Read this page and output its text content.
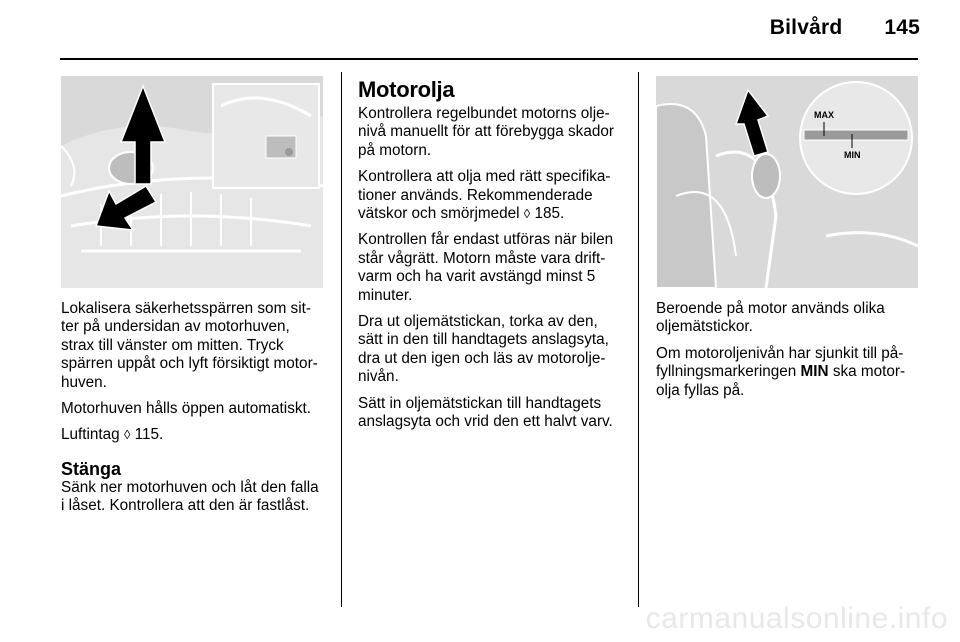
Bilvård 145

Lokalisera säkerhetsspärren som sit-ter på undersidan av motorhuven, strax till vänster om mitten. Tryck spärren uppåt och lyft försiktigt motor-huven.

Motorhuven hålls öppen automatiskt.

Luftintag ◊ 115.

Stänga

Sänk ner motorhuven och låt den falla i låset. Kontrollera att den är fastlåst.

Motorolja

Kontrollera regelbundet motorns olje-nivå manuellt för att förebygga skador på motorn.

Kontrollera att olja med rätt specifika-tioner används. Rekommenderade vätskor och smörjmedel ◊ 185.

Kontrollen får endast utföras när bilen står vågrätt. Motorn måste vara drift-varm och ha varit avstängd minst 5 minuter.

Dra ut oljemätstickan, torka av den, sätt in den till handtagets anslagsyta, dra ut den igen och läs av motorolje-nivån.

Sätt in oljemätstickan till handtagets anslagsyta och vrid den ett halvt varv.

MAX
MIN

Beroende på motor används olika oljemätstickor.

Om motoroljenivån har sjunkit till på-fyllningsmarkeringen MIN ska motor-olja fyllas på.

carmanualsonline.info
